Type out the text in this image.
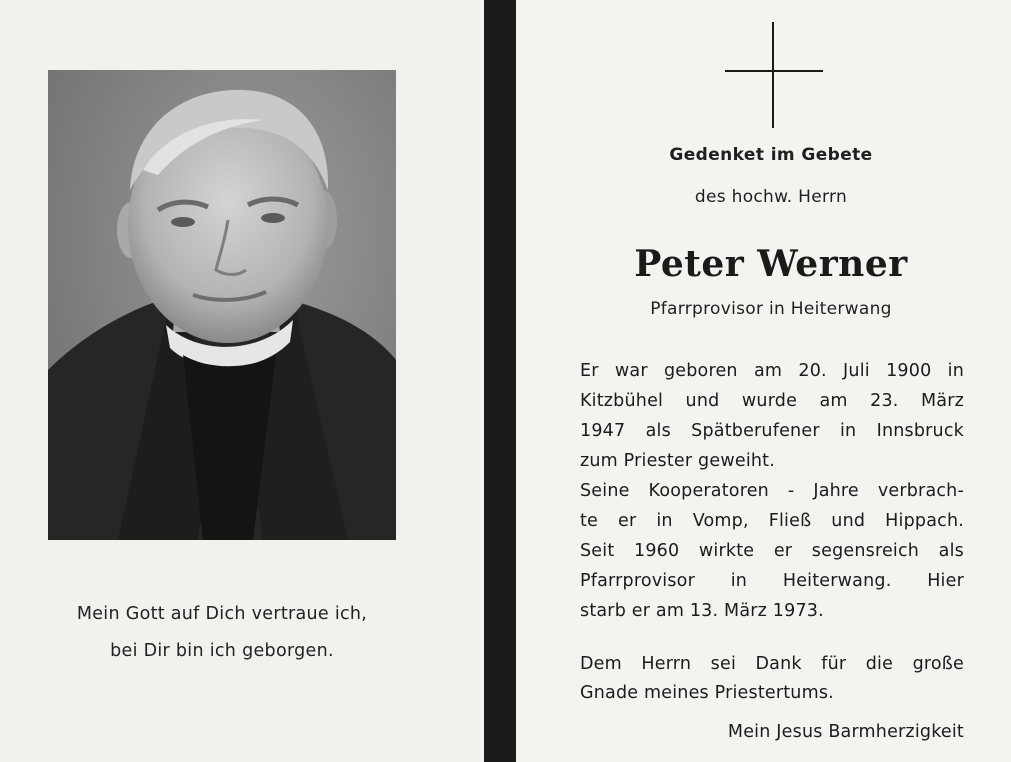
Mein Gott auf Dich vertraue ich,
bei Dir bin ich geborgen.
Gedenket im Gebete
des hochw. Herrn
Peter Werner
Pfarrprovisor in Heiterwang
Er war geboren am 20. Juli 1900 in
Kitzbühel und wurde am 23. März
1947 als Spätberufener in Innsbruck
zum Priester geweiht.
Seine Kooperatoren - Jahre verbrach-
te er in Vomp, Fließ und Hippach.
Seit 1960 wirkte er segensreich als
Pfarrprovisor in Heiterwang. Hier
starb er am 13. März 1973.
Dem Herrn sei Dank für die große
Gnade meines Priestertums.
Mein Jesus Barmherzigkeit
